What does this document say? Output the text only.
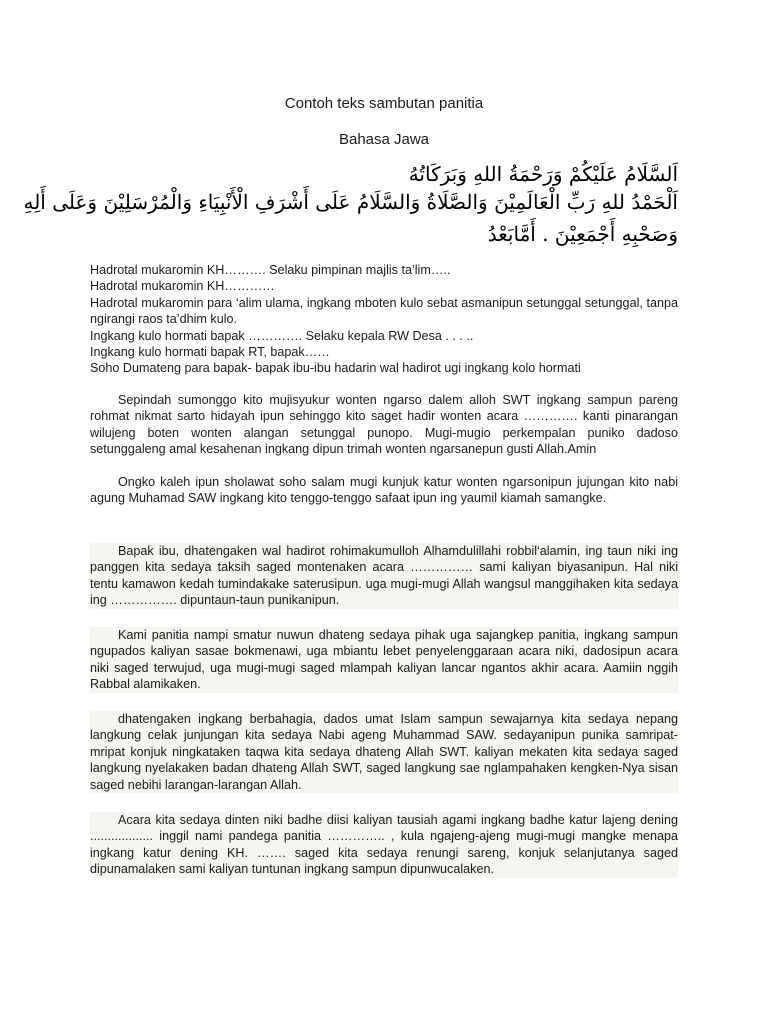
Contoh teks sambutan panitia
Bahasa Jawa
اَلسَّلَامُ عَلَيْكُمْ وَرَحْمَةُ اللهِ وَبَرَكَاتُهُ
اَلْحَمْدُ للهِ رَبِّ الْعَالَمِيْنَ وَالصَّلَاةُ وَالسَّلَامُ عَلَى أَشْرَفِ الْأَنْبِيَاءِ وَالْمُرْسَلِيْنَ وَعَلَى أَلِهِ
وَصَحْبِهِ أَجْمَعِيْنَ . أَمَّابَعْدُ

Hadrotal mukaromin KH………. Selaku pimpinan majlis ta’lim…..

Hadrotal mukaromin KH…………

Hadrotal mukaromin para ‘alim ulama, ingkang mboten kulo sebat asmanipun setunggal setunggal, tanpa ngirangi raos ta’dhim kulo.

Ingkang kulo hormati bapak …………. Selaku kepala RW Desa . . . ..

Ingkang kulo hormati bapak RT, bapak……

Soho Dumateng para bapak- bapak ibu-ibu hadarin wal hadirot ugi ingkang kolo hormati

Sepindah sumonggo kito mujisyukur wonten ngarso dalem alloh SWT ingkang sampun pareng rohmat nikmat sarto hidayah ipun sehinggo kito saget hadir wonten acara …………. kanti pinarangan wilujeng boten wonten alangan setunggal punopo. Mugi-mugio perkempalan puniko dadoso setunggaleng amal kesahenan ingkang dipun trimah wonten ngarsanepun gusti Allah.Amin

Ongko kaleh ipun sholawat soho salam mugi kunjuk katur wonten ngarsonipun jujungan kito nabi agung Muhamad SAW ingkang kito tenggo-tenggo safaat ipun ing yaumil kiamah samangke.

Bapak ibu, dhatengaken wal hadirot rohimakumulloh Alhamdulillahi robbil‘alamin, ing taun niki ing panggen kita sedaya taksih saged montenaken acara …………… sami kaliyan biyasanipun. Hal niki tentu kamawon kedah tumindakake saterusipun. uga mugi-mugi Allah wangsul manggihaken kita sedaya ing ……………. dipuntaun-taun punikanipun.

Kami panitia nampi smatur nuwun dhateng sedaya pihak uga sajangkep panitia, ingkang sampun ngupados kaliyan sasae bokmenawi, uga mbiantu lebet penyelenggaraan acara niki, dadosipun acara niki saged terwujud, uga mugi-mugi saged mlampah kaliyan lancar ngantos akhir acara. Aamiin nggih Rabbal alamikaken.

dhatengaken ingkang berbahagia, dados umat Islam sampun sewajarnya kita sedaya nepang langkung celak junjungan kita sedaya Nabi ageng Muhammad SAW. sedayanipun punika samripat-mripat konjuk ningkataken taqwa kita sedaya dhateng Allah SWT. kaliyan mekaten kita sedaya saged langkung nyelakaken badan dhateng Allah SWT, saged langkung sae nglampahaken kengken-Nya sisan saged nebihi larangan-larangan Allah.

Acara kita sedaya dinten niki badhe diisi kaliyan tausiah agami ingkang badhe katur lajeng dening .................. inggil nami pandega panitia ………….. , kula ngajeng-ajeng mugi-mugi mangke menapa ingkang katur dening KH. ……. saged kita sedaya renungi sareng, konjuk selanjutanya saged dipunamalaken sami kaliyan tuntunan ingkang sampun dipunwucalaken.
